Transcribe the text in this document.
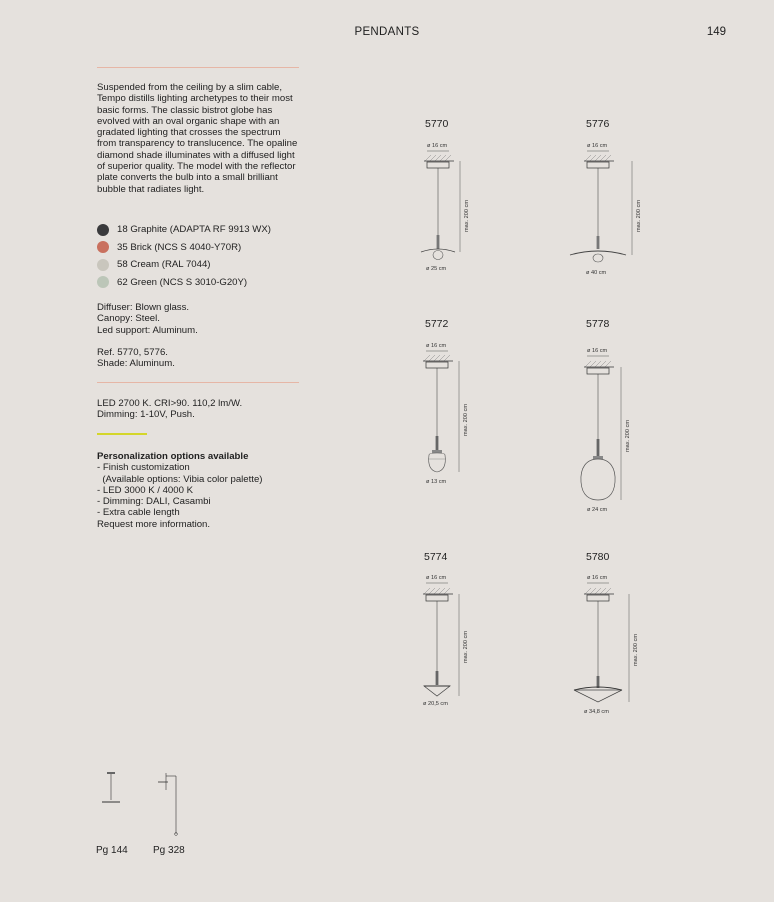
PENDANTS	149
Suspended from the ceiling by a slim cable, Tempo distills lighting archetypes to their most basic forms. The classic bistrot globe has evolved with an oval organic shape with an gradated lighting that crosses the spectrum from transparency to translucence. The opaline diamond shade illuminates with a diffused light of superior quality. The model with the reflector plate converts the bulb into a small brilliant bubble that radiates light.
18 Graphite (ADAPTA RF 9913 WX)
35 Brick (NCS S 4040-Y70R)
58 Cream (RAL 7044)
62 Green (NCS S 3010-G20Y)
Diffuser: Blown glass.
Canopy: Steel.
Led support: Aluminum.
Ref. 5770, 5776.
Shade: Aluminum.
LED 2700 K. CRI>90. 110,2 lm/W.
Dimming: 1-10V, Push.
Personalization options available
- Finish customization
(Available options: Vibia color palette)
- LED 3000 K / 4000 K
- Dimming: DALI, Casambi
- Extra cable length
Request more information.
5770
ø 16 cm
max. 200 cm
ø 25 cm
5776
ø 16 cm
max. 200 cm
ø 40 cm
5772
ø 16 cm
max. 200 cm
ø 13 cm
5778
ø 16 cm
max. 200 cm
ø 24 cm
5774
ø 16 cm
max. 200 cm
ø 20,5 cm
5780
ø 16 cm
max. 200 cm
ø 34,8 cm
Pg 144	Pg 328
